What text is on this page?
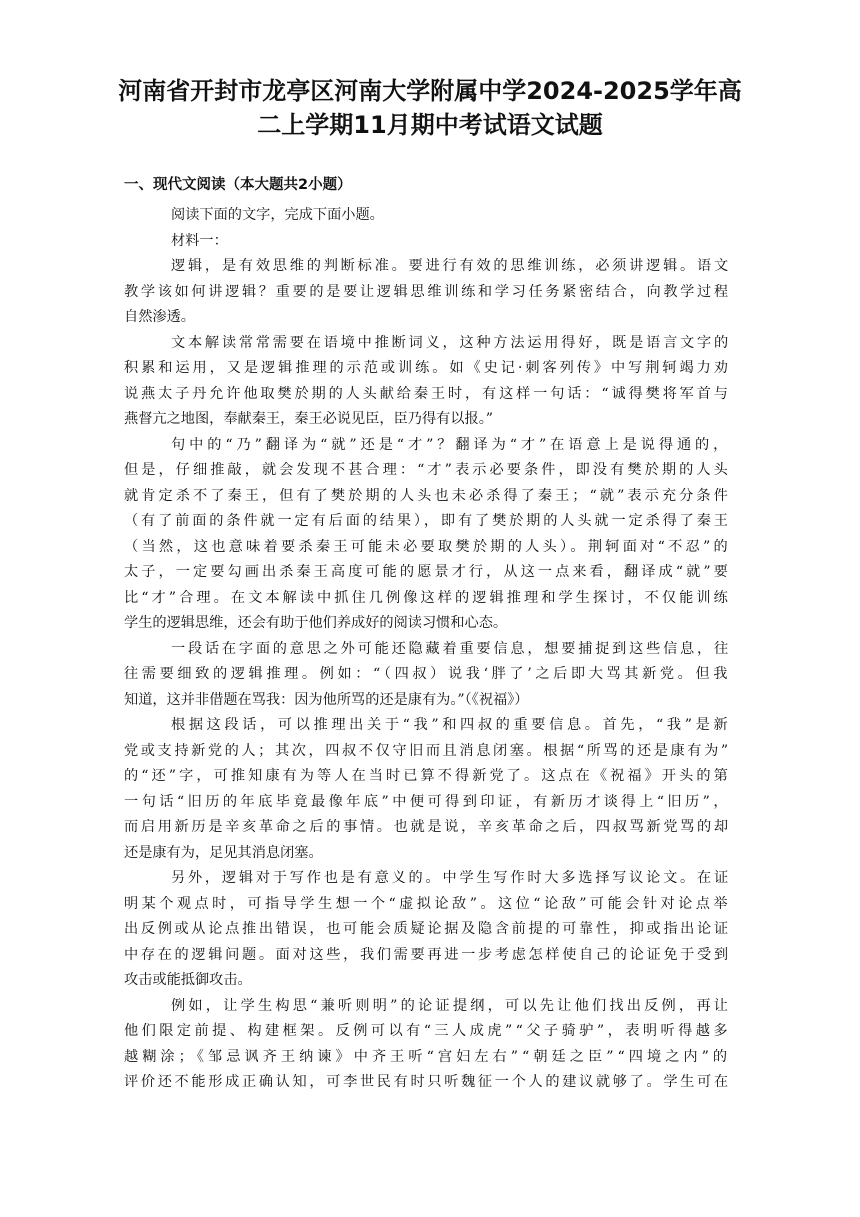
河南省开封市龙亭区河南大学附属中学2024-2025学年高
二上学期11月期中考试语文试题
一、现代文阅读（本大题共2小题）
阅读下面的文字，完成下面小题。
材料一：
逻辑，是有效思维的判断标准。要进行有效的思维训练，必须讲逻辑。语文
教学该如何讲逻辑？重要的是要让逻辑思维训练和学习任务紧密结合，向教学过程
自然渗透。
文本解读常常需要在语境中推断词义，这种方法运用得好，既是语言文字的
积累和运用，又是逻辑推理的示范或训练。如《史记·刺客列传》中写荆轲竭力劝
说燕太子丹允许他取樊於期的人头献给秦王时，有这样一句话：“诚得樊将军首与
燕督亢之地图，奉献秦王，秦王必说见臣，臣乃得有以报。”
句中的“乃”翻译为“就”还是“才”？翻译为“才”在语意上是说得通的，
但是，仔细推敲，就会发现不甚合理：“才”表示必要条件，即没有樊於期的人头
就肯定杀不了秦王，但有了樊於期的人头也未必杀得了秦王；“就”表示充分条件
（有了前面的条件就一定有后面的结果），即有了樊於期的人头就一定杀得了秦王
（当然，这也意味着要杀秦王可能未必要取樊於期的人头）。荆轲面对“不忍”的
太子，一定要勾画出杀秦王高度可能的愿景才行，从这一点来看，翻译成“就”要
比“才”合理。在文本解读中抓住几例像这样的逻辑推理和学生探讨，不仅能训练
学生的逻辑思维，还会有助于他们养成好的阅读习惯和心态。
一段话在字面的意思之外可能还隐藏着重要信息，想要捕捉到这些信息，往
往需要细致的逻辑推理。例如：“（四叔）说我‘胖了’之后即大骂其新党。但我
知道，这并非借题在骂我：因为他所骂的还是康有为。”（《祝福》）
根据这段话，可以推理出关于“我”和四叔的重要信息。首先，“我”是新
党或支持新党的人；其次，四叔不仅守旧而且消息闭塞。根据“所骂的还是康有为”
的“还”字，可推知康有为等人在当时已算不得新党了。这点在《祝福》开头的第
一句话“旧历的年底毕竟最像年底”中便可得到印证，有新历才谈得上“旧历”，
而启用新历是辛亥革命之后的事情。也就是说，辛亥革命之后，四叔骂新党骂的却
还是康有为，足见其消息闭塞。
另外，逻辑对于写作也是有意义的。中学生写作时大多选择写议论文。在证
明某个观点时，可指导学生想一个“虚拟论敌”。这位“论敌”可能会针对论点举
出反例或从论点推出错误，也可能会质疑论据及隐含前提的可靠性，抑或指出论证
中存在的逻辑问题。面对这些，我们需要再进一步考虑怎样使自己的论证免于受到
攻击或能抵御攻击。
例如，让学生构思“兼听则明”的论证提纲，可以先让他们找出反例，再让
他们限定前提、构建框架。反例可以有“三人成虎”“父子骑驴”，表明听得越多
越糊涂；《邹忌讽齐王纳谏》中齐王听“宫妇左右”“朝廷之臣”“四境之内”的
评价还不能形成正确认知，可李世民有时只听魏征一个人的建议就够了。学生可在
